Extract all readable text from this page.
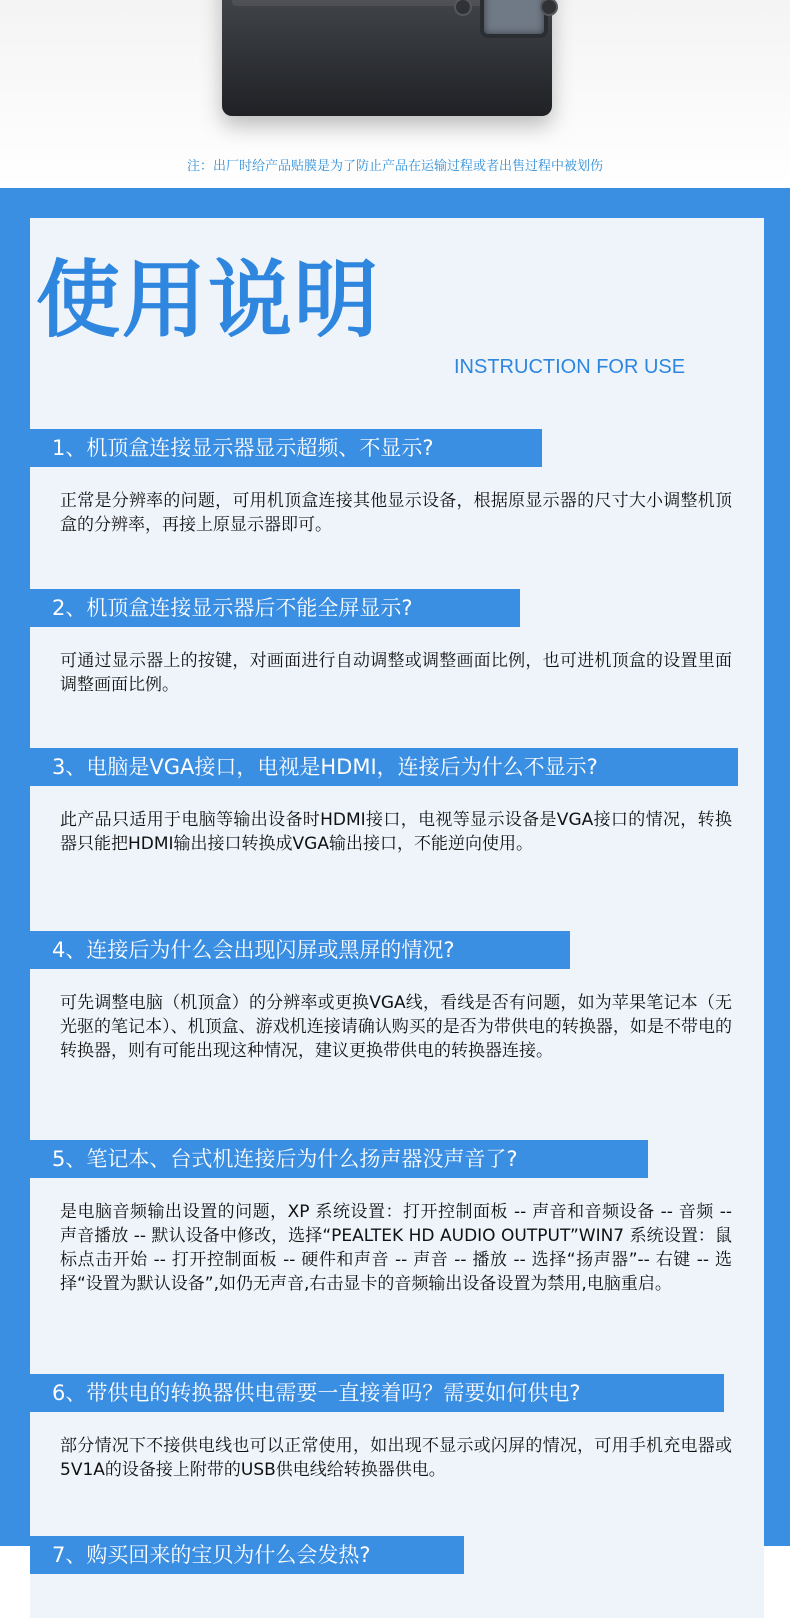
注：出厂时给产品贴膜是为了防止产品在运输过程或者出售过程中被划伤
使用说明
INSTRUCTION FOR USE
1、机顶盒连接显示器显示超频、不显示?
正常是分辨率的问题，可用机顶盒连接其他显示设备，根据原显示器的尺寸大小调整机顶盒的分辨率，再接上原显示器即可。
2、机顶盒连接显示器后不能全屏显示?
可通过显示器上的按键，对画面进行自动调整或调整画面比例，也可进机顶盒的设置里面调整画面比例。
3、电脑是VGA接口，电视是HDMI，连接后为什么不显示?
此产品只适用于电脑等输出设备时HDMI接口，电视等显示设备是VGA接口的情况，转换器只能把HDMI输出接口转换成VGA输出接口，不能逆向使用。
4、连接后为什么会出现闪屏或黑屏的情况?
可先调整电脑（机顶盒）的分辨率或更换VGA线，看线是否有问题，如为苹果笔记本（无光驱的笔记本）、机顶盒、游戏机连接请确认购买的是否为带供电的转换器，如是不带电的转换器，则有可能出现这种情况，建议更换带供电的转换器连接。
5、笔记本、台式机连接后为什么扬声器没声音了?
是电脑音频输出设置的问题，XP 系统设置：打开控制面板 -- 声音和音频设备 -- 音频 -- 声音播放 -- 默认设备中修改，选择“PEALTEK HD AUDIO OUTPUT”WIN7 系统设置：鼠标点击开始 -- 打开控制面板 -- 硬件和声音 -- 声音 -- 播放 -- 选择“扬声器”-- 右键 -- 选择“设置为默认设备”,如仍无声音,右击显卡的音频输出设备设置为禁用,电脑重启。
6、带供电的转换器供电需要一直接着吗？需要如何供电?
部分情况下不接供电线也可以正常使用，如出现不显示或闪屏的情况，可用手机充电器或5V1A的设备接上附带的USB供电线给转换器供电。
7、购买回来的宝贝为什么会发热?
